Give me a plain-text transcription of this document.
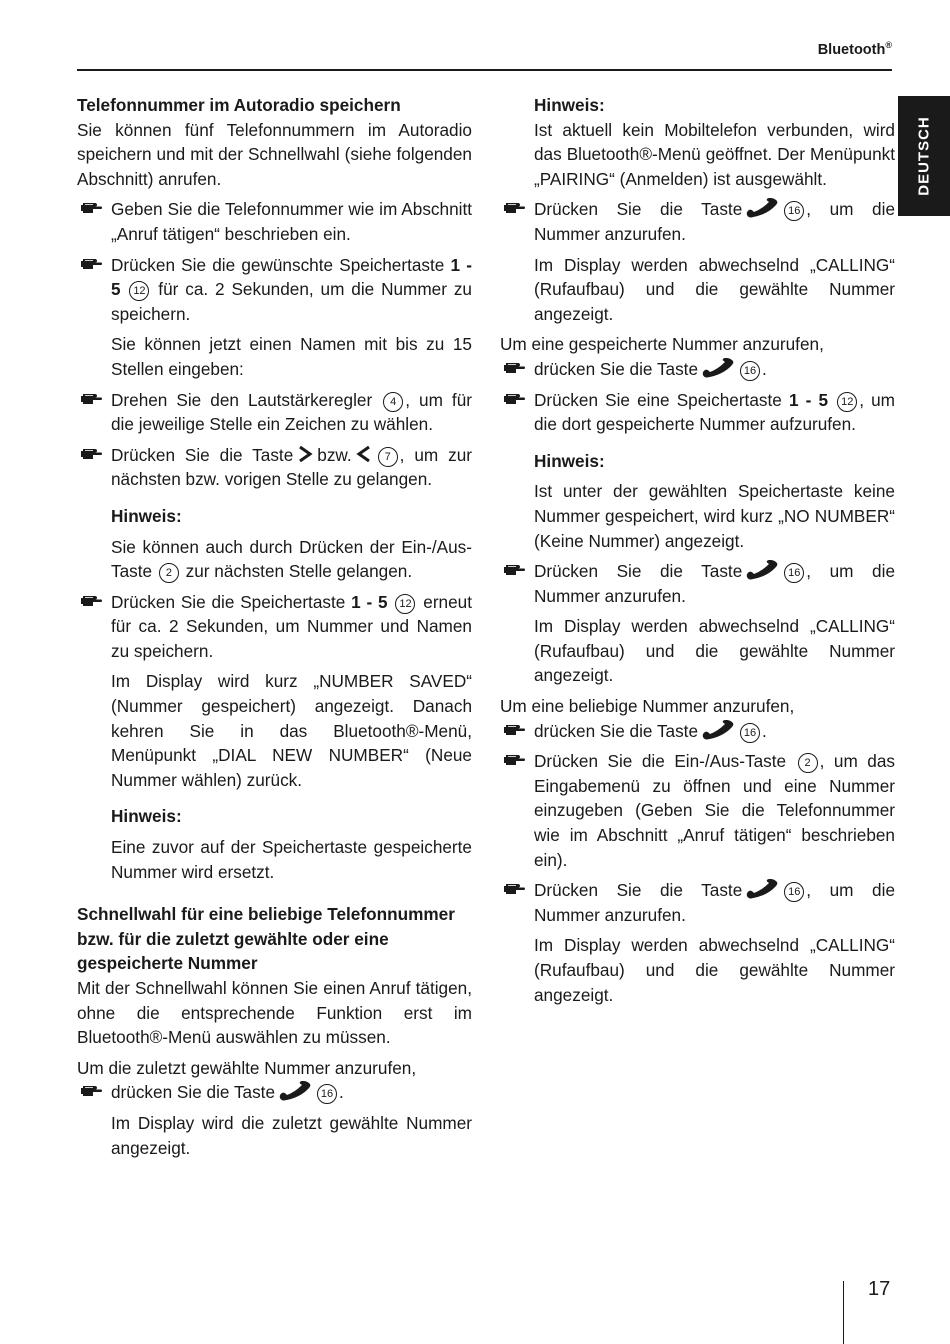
Bluetooth®
DEUTSCH
Telefonnummer im Autoradio speichern

Sie können fünf Telefonnummern im Autoradio speichern und mit der Schnellwahl (siehe folgenden Abschnitt) anrufen.

Geben Sie die Telefonnummer wie im Abschnitt „Anruf tätigen“ beschrieben ein.

Drücken Sie die gewünschte Speichertaste 1 - 5 12 für ca. 2 Sekunden, um die Nummer zu speichern.

Sie können jetzt einen Namen mit bis zu 15 Stellen eingeben:

Drehen Sie den Lautstärkeregler 4 , um für die jeweilige Stelle ein Zeichen zu wählen.

Drücken Sie die Taste bzw.	7 , um zur nächsten bzw. vorigen Stelle zu gelangen.

Hinweis:

Sie können auch durch Drücken der Ein-/Aus-Taste 2 zur nächsten Stelle gelangen.

Drücken Sie die Speichertaste 1 - 5 12 erneut für ca. 2 Sekunden, um Nummer und Namen zu speichern.

Im Display wird kurz „NUMBER SAVED“ (Nummer gespeichert) angezeigt. Danach kehren Sie in das Bluetooth®-Menü, Menüpunkt „DIAL NEW NUMBER“ (Neue Nummer wählen) zurück.

Hinweis:

Eine zuvor auf der Speichertaste gespeicherte Nummer wird ersetzt.

Schnellwahl für eine beliebige Telefonnummer bzw. für die zuletzt gewählte oder eine gespeicherte Nummer

Mit der Schnellwahl können Sie einen Anruf tätigen, ohne die entsprechende Funktion erst im Bluetooth®-Menü auswählen zu müssen.

Um die zuletzt gewählte Nummer anzurufen,

drücken Sie die Taste	16 .

Im Display wird die zuletzt gewählte Nummer angezeigt.

Hinweis:

Ist aktuell kein Mobiltelefon verbunden, wird das Bluetooth®-Menü geöffnet. Der Menüpunkt „PAIRING“ (Anmelden) ist ausgewählt.

Drücken Sie die Taste	16 , um die Nummer anzurufen.

Im Display werden abwechselnd „CALLING“ (Rufaufbau) und die gewählte Nummer angezeigt.

Um eine gespeicherte Nummer anzurufen,

drücken Sie die Taste	16 .

Drücken Sie eine Speichertaste 1 - 5 12 , um die dort gespeicherte Nummer aufzurufen.

Hinweis:

Ist unter der gewählten Speichertaste keine Nummer gespeichert, wird kurz „NO NUMBER“ (Keine Nummer) angezeigt.

Drücken Sie die Taste	16 , um die Nummer anzurufen.

Im Display werden abwechselnd „CALLING“ (Rufaufbau) und die gewählte Nummer angezeigt.

Um eine beliebige Nummer anzurufen,

drücken Sie die Taste	16 .

Drücken Sie die Ein-/Aus-Taste 2 , um das Eingabemenü zu öffnen und eine Nummer einzugeben (Geben Sie die Telefonnummer wie im Abschnitt „Anruf tätigen“ beschrieben ein).

Drücken Sie die Taste	16 , um die Nummer anzurufen.

Im Display werden abwechselnd „CALLING“ (Rufaufbau) und die gewählte Nummer angezeigt.

17
